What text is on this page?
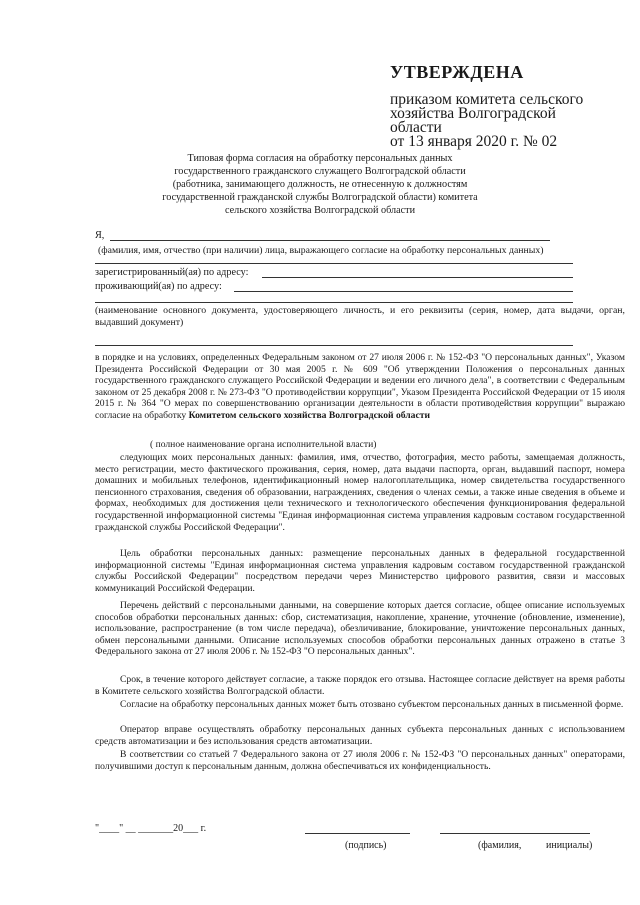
УТВЕРЖДЕНА
приказом комитета сельского
хозяйства Волгоградской
области
от 13 января 2020 г. № 02
Типовая форма согласия на обработку персональных данных
государственного гражданского служащего Волгоградской области
(работника, занимающего должность, не отнесенную к должностям
государственной гражданской службы Волгоградской области) комитета
сельского хозяйства Волгоградской области
Я,
(фамилия, имя, отчество (при наличии) лица, выражающего согласие на обработку персональных данных)
зарегистрированный(ая) по адресу:
проживающий(ая) по адресу:
(наименование основного документа, удостоверяющего личность, и его реквизиты (серия, номер, дата выдачи, орган, выдавший документ)
в порядке и на условиях, определенных Федеральным законом от 27 июля 2006 г. № 152-ФЗ "О персональных данных", Указом Президента Российской Федерации от 30 мая 2005 г. № 609 "Об утверждении Положения о персональных данных государственного гражданского служащего Российской Федерации и ведении его личного дела", в соответствии с Федеральным законом от 25 декабря 2008 г. № 273-ФЗ "О противодействии коррупции", Указом Президента Российской Федерации от 15 июля 2015 г. № 364 "О мерах по совершенствованию организации деятельности в области противодействия коррупции" выражаю согласие на обработку Комитетом сельского хозяйства Волгоградской области
( полное наименование органа исполнительной власти)
следующих моих персональных данных: фамилия, имя, отчество, фотография, место работы, замещаемая должность, место регистрации, место фактического проживания, серия, номер, дата выдачи паспорта, орган, выдавший паспорт, номера домашних и мобильных телефонов, идентификационный номер налогоплательщика, номер свидетельства государственного пенсионного страхования, сведения об образовании, награждениях, сведения о членах семьи, а также иные сведения в объеме и формах, необходимых для достижения цели технического и технологического обеспечения функционирования федеральной государственной информационной системы "Единая информационная система управления кадровым составом государственной гражданской службы Российской Федерации".
Цель обработки персональных данных: размещение персональных данных в федеральной государственной информационной системы "Единая информационная система управления кадровым составом государственной гражданской службы Российской Федерации" посредством передачи через Министерство цифрового развития, связи и массовых коммуникаций Российской Федерации.
Перечень действий с персональными данными, на совершение которых дается согласие, общее описание используемых способов обработки персональных данных: сбор, систематизация, накопление, хранение, уточнение (обновление, изменение), использование, распространение (в том числе передача), обезличивание, блокирование, уничтожение персональных данных, обмен персональными данными. Описание используемых способов обработки персональных данных отражено в статье 3 Федерального закона от 27 июля 2006 г. № 152-ФЗ "О персональных данных".
Срок, в течение которого действует согласие, а также порядок его отзыва. Настоящее согласие действует на время работы в Комитете сельского хозяйства Волгоградской области.
Согласие на обработку персональных данных может быть отозвано субъектом персональных данных в письменной форме.
Оператор вправе осуществлять обработку персональных данных субъекта персональных данных с использованием средств автоматизации и без использования средств автоматизации.
В соответствии со статьей 7 Федерального закона от 27 июля 2006 г. № 152-ФЗ "О персональных данных" операторами, получившими доступ к персональным данным, должна обеспечиваться их конфиденциальность.
"____" __ _______20___ г.
(подпись)	(фамилия, инициалы)
